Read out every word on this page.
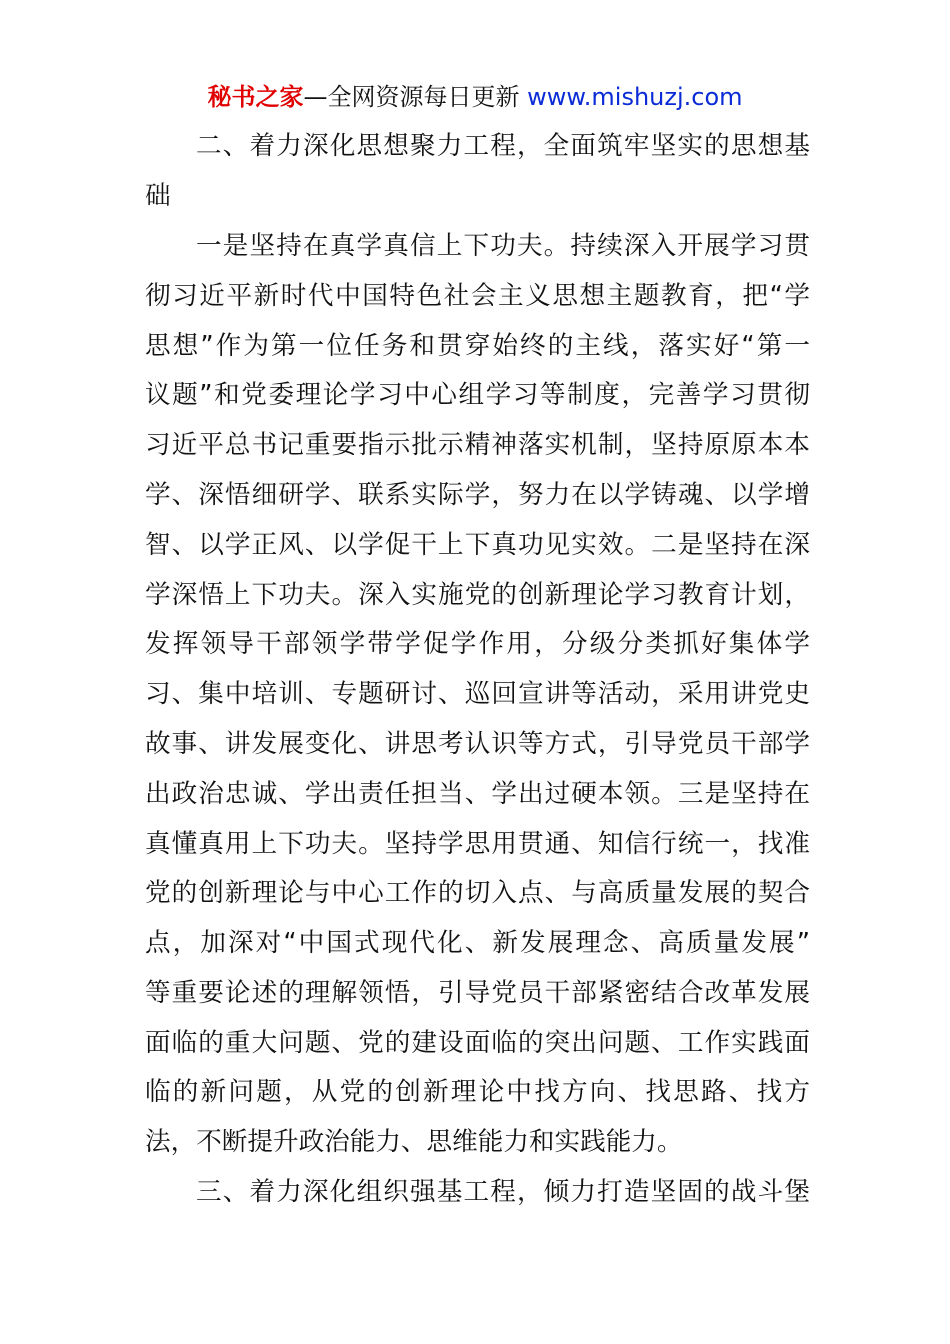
秘书之家—全网资源每日更新 www.mishuzj.com
二、着力深化思想聚力工程，全面筑牢坚实的思想基
础
一是坚持在真学真信上下功夫。持续深入开展学习贯
彻习近平新时代中国特色社会主义思想主题教育，把“学
思想”作为第一位任务和贯穿始终的主线，落实好“第一
议题”和党委理论学习中心组学习等制度，完善学习贯彻
习近平总书记重要指示批示精神落实机制，坚持原原本本
学、深悟细研学、联系实际学，努力在以学铸魂、以学增
智、以学正风、以学促干上下真功见实效。二是坚持在深
学深悟上下功夫。深入实施党的创新理论学习教育计划，
发挥领导干部领学带学促学作用，分级分类抓好集体学
习、集中培训、专题研讨、巡回宣讲等活动，采用讲党史
故事、讲发展变化、讲思考认识等方式，引导党员干部学
出政治忠诚、学出责任担当、学出过硬本领。三是坚持在
真懂真用上下功夫。坚持学思用贯通、知信行统一，找准
党的创新理论与中心工作的切入点、与高质量发展的契合
点，加深对“中国式现代化、新发展理念、高质量发展”
等重要论述的理解领悟，引导党员干部紧密结合改革发展
面临的重大问题、党的建设面临的突出问题、工作实践面
临的新问题，从党的创新理论中找方向、找思路、找方
法，不断提升政治能力、思维能力和实践能力。
三、着力深化组织强基工程，倾力打造坚固的战斗堡
